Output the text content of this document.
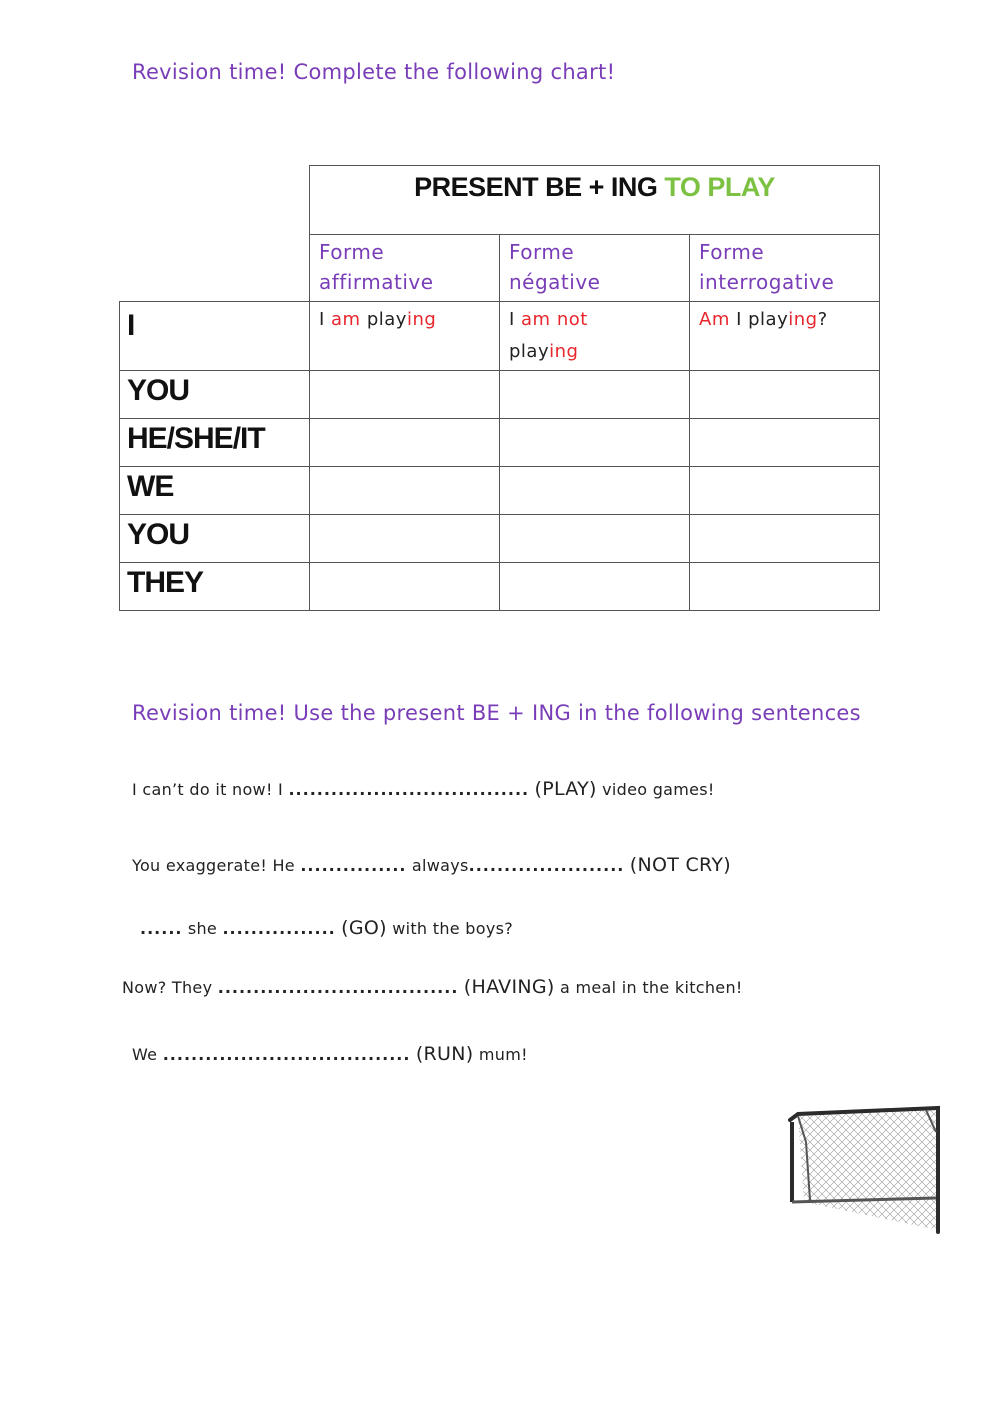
Revision time! Complete the following chart!
PRESENT BE + ING TO PLAY
Forme
affirmative
Forme
négative
Forme
interrogative
I	I am playing	I am not
playing
Am I playing?
YOU
HE/SHE/IT
WE
YOU
THEY
Revision time! Use the present BE + ING in the following sentences
I can’t do it now! I .................................. (PLAY) video games!
You exaggerate! He ............... always...................... (NOT CRY)
...... she ................ (GO) with the boys?
Now? They .................................. (HAVING) a meal in the kitchen!
We ................................... (RUN) mum!
